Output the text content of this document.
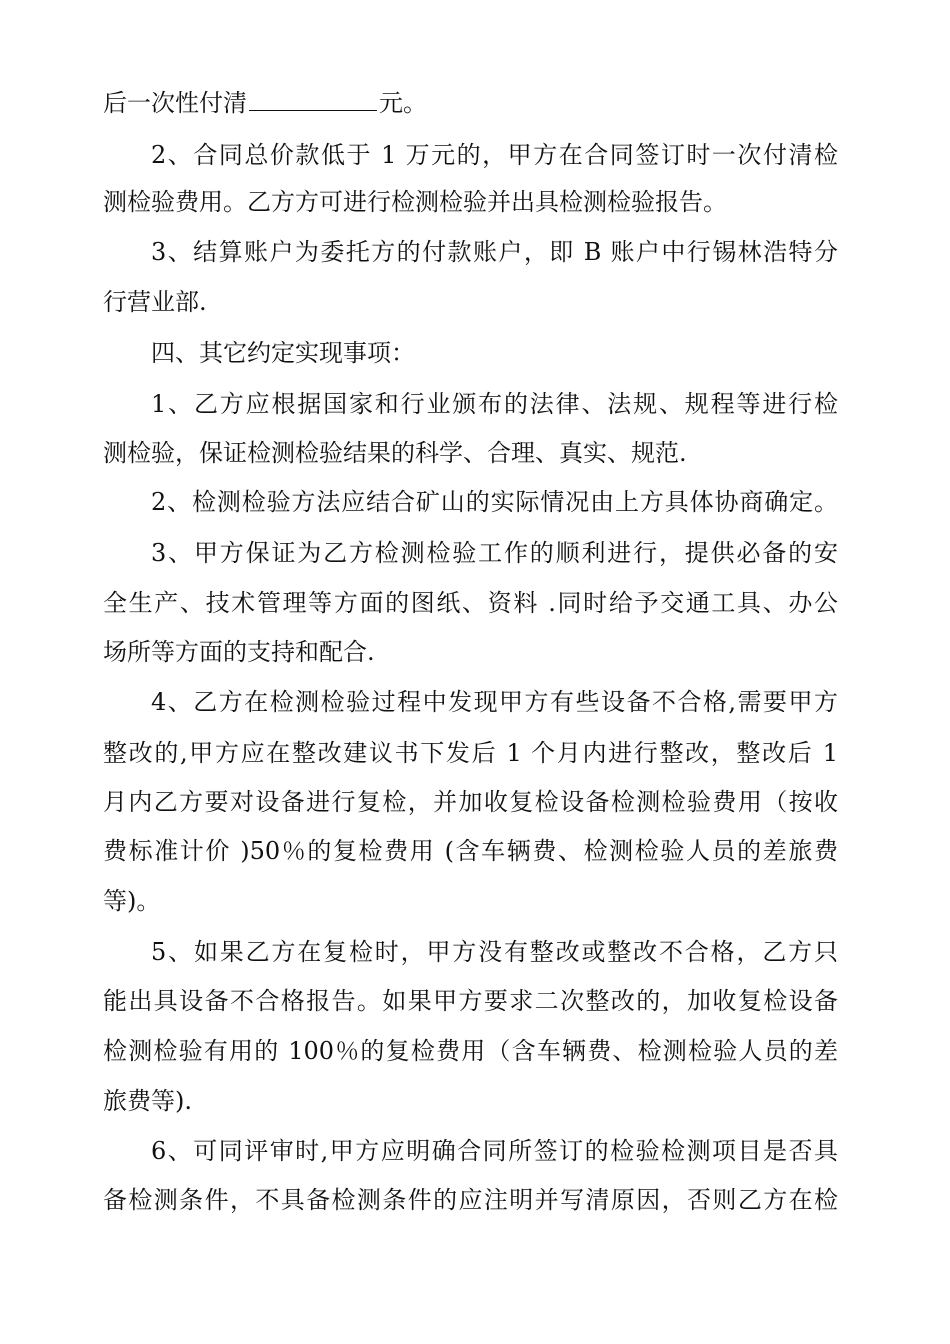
后一次性付清	元。
2、合同总价款低于 1 万元的，甲方在合同签订时一次付清检
测检验费用。乙方方可进行检测检验并出具检测检验报告。
3、结算账户为委托方的付款账户，即 B 账户中行锡林浩特分
行营业部.
四、其它约定实现事项：
1、乙方应根据国家和行业颁布的法律、法规、规程等进行检
测检验，保证检测检验结果的科学、合理、真实、规范.
2、检测检验方法应结合矿山的实际情况由上方具体协商确定。
3、甲方保证为乙方检测检验工作的顺利进行，提供必备的安
全生产、技术管理等方面的图纸、资料 .同时给予交通工具、办公
场所等方面的支持和配合.
4、乙方在检测检验过程中发现甲方有些设备不合格,需要甲方
整改的,甲方应在整改建议书下发后 1 个月内进行整改，整改后 1
月内乙方要对设备进行复检，并加收复检设备检测检验费用（按收
费标准计价 )50％的复检费用 (含车辆费、检测检验人员的差旅费
等)。
5、如果乙方在复检时，甲方没有整改或整改不合格，乙方只
能出具设备不合格报告。如果甲方要求二次整改的，加收复检设备
检测检验有用的 100％的复检费用（含车辆费、检测检验人员的差
旅费等).
6、可同评审时,甲方应明确合同所签订的检验检测项目是否具
备检测条件，不具备检测条件的应注明并写清原因，否则乙方在检
